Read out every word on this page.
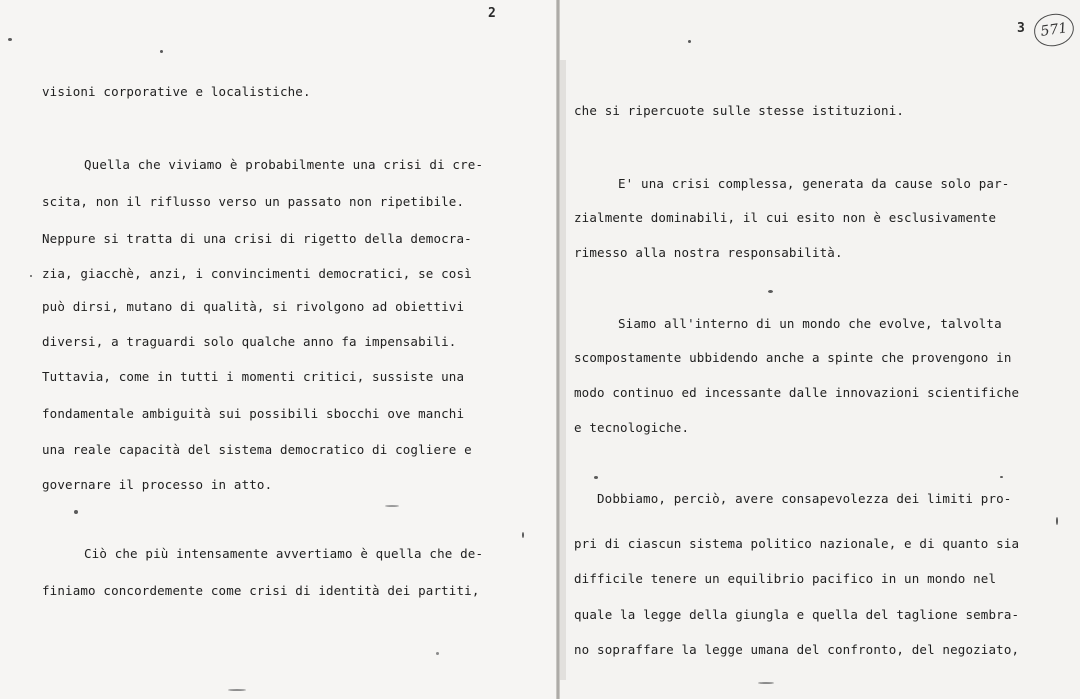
2
visioni corporative e localistiche.
Quella che viviamo è probabilmente una crisi di cre-
scita, non il riflusso verso un passato non ripetibile.
Neppure si tratta di una crisi di rigetto della democra-
zia, giacchè, anzi, i convincimenti democratici, se così
può dirsi, mutano di qualità, si rivolgono ad obiettivi
diversi, a traguardi solo qualche anno fa impensabili.
Tuttavia, come in tutti i momenti critici, sussiste una
fondamentale ambiguità sui possibili sbocchi ove manchi
una reale capacità del sistema democratico di cogliere e
governare il processo in atto.
Ciò che più intensamente avvertiamo è quella che de-
finiamo concordemente come crisi di identità dei partiti,
3 571
che si ripercuote sulle stesse istituzioni.
E' una crisi complessa, generata da cause solo par-
zialmente dominabili, il cui esito non è esclusivamente
rimesso alla nostra responsabilità.
Siamo all'interno di un mondo che evolve, talvolta
scompostamente ubbidendo anche a spinte che provengono in
modo continuo ed incessante dalle innovazioni scientifiche
e tecnologiche.
Dobbiamo, perciò, avere consapevolezza dei limiti pro-
pri di ciascun sistema politico nazionale, e di quanto sia
difficile tenere un equilibrio pacifico in un mondo nel
quale la legge della giungla e quella del taglione sembra-
no sopraffare la legge umana del confronto, del negoziato,
